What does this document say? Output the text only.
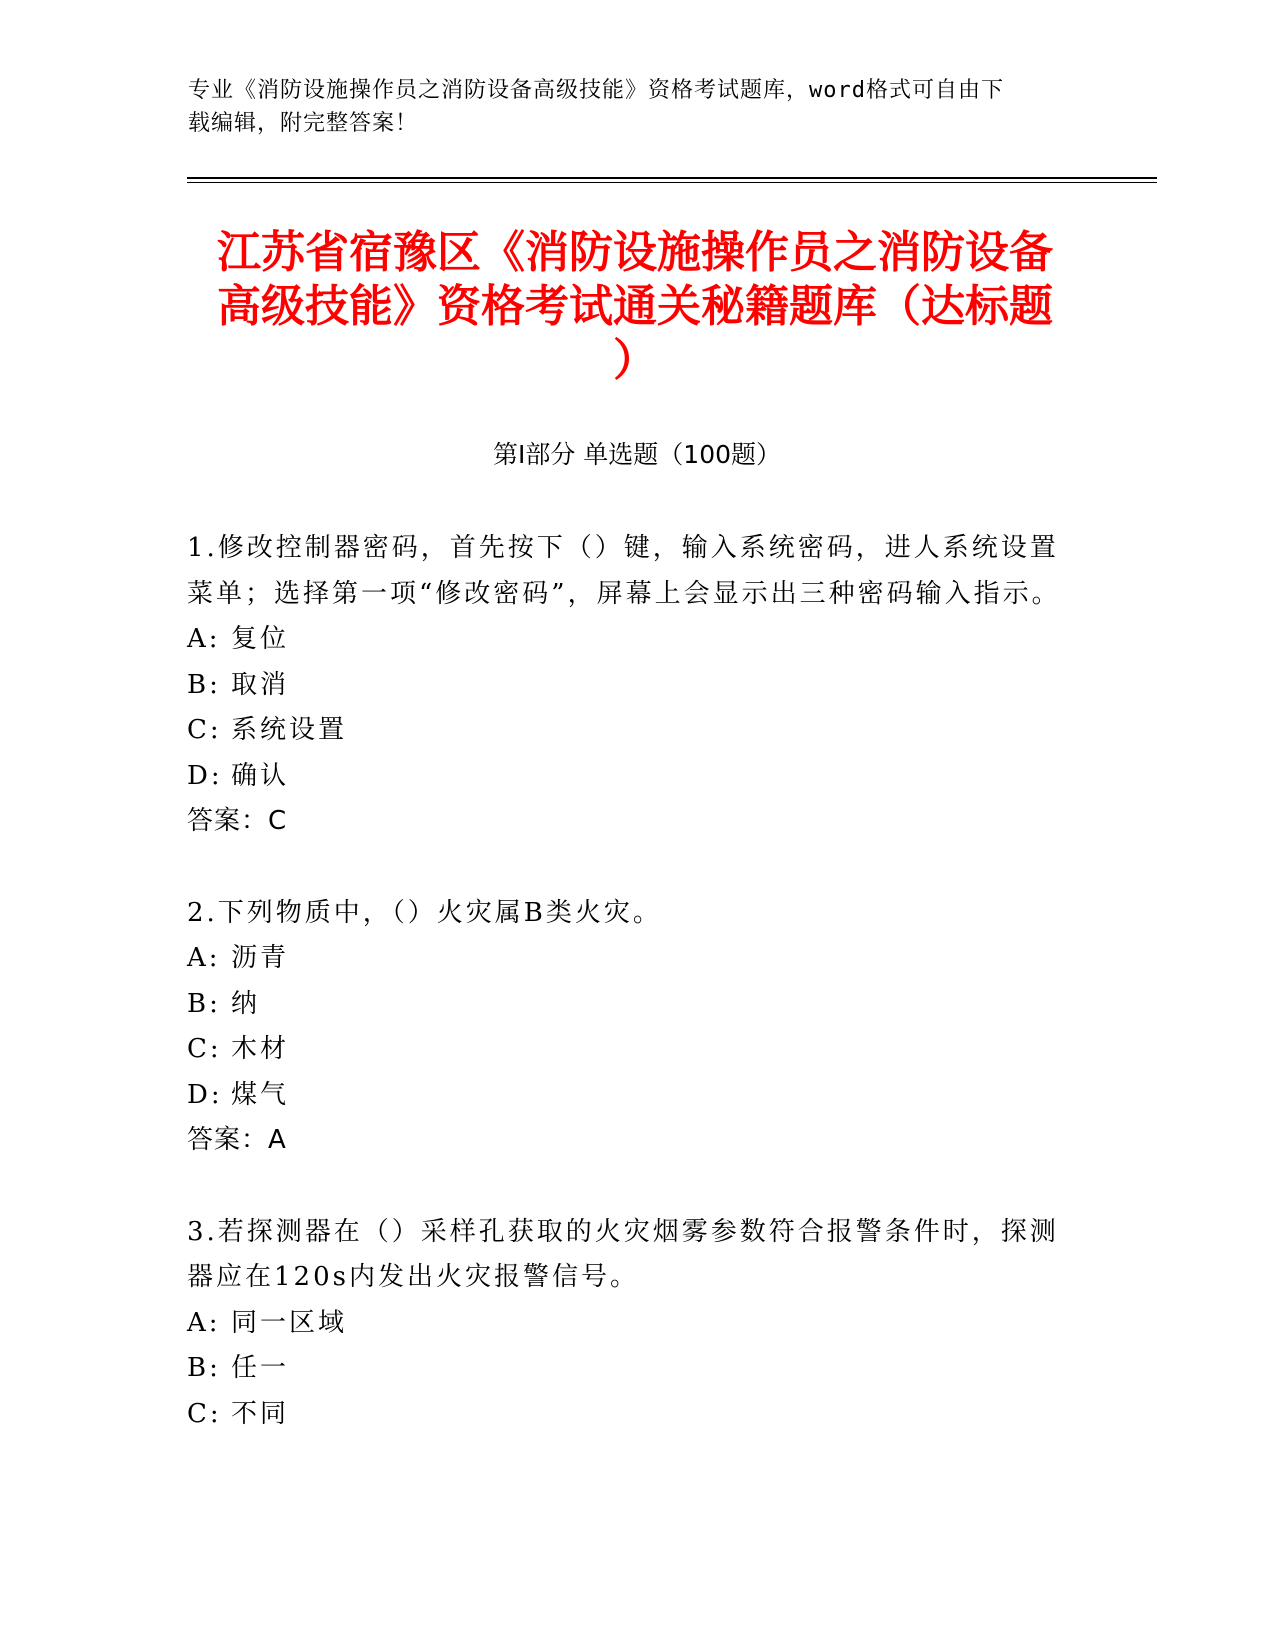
专业《消防设施操作员之消防设备高级技能》资格考试题库，word格式可自由下
载编辑，附完整答案！
江苏省宿豫区《消防设施操作员之消防设备
高级技能》资格考试通关秘籍题库（达标题
）
第Ⅰ部分 单选题（100题）

1.修改控制器密码，首先按下（）键，输入系统密码，进人系统设置菜单；选择第一项“修改密码”，屏幕上会显示出三种密码输入指示。

A: 复位

B: 取消

C: 系统设置

D: 确认

答案：C

2.下列物质中，（）火灾属B类火灾。

A: 沥青

B: 纳

C: 木材

D: 煤气

答案：A

3.若探测器在（）采样孔获取的火灾烟雾参数符合报警条件时，探测器应在120s内发出火灾报警信号。

A: 同一区域

B: 任一

C: 不同
